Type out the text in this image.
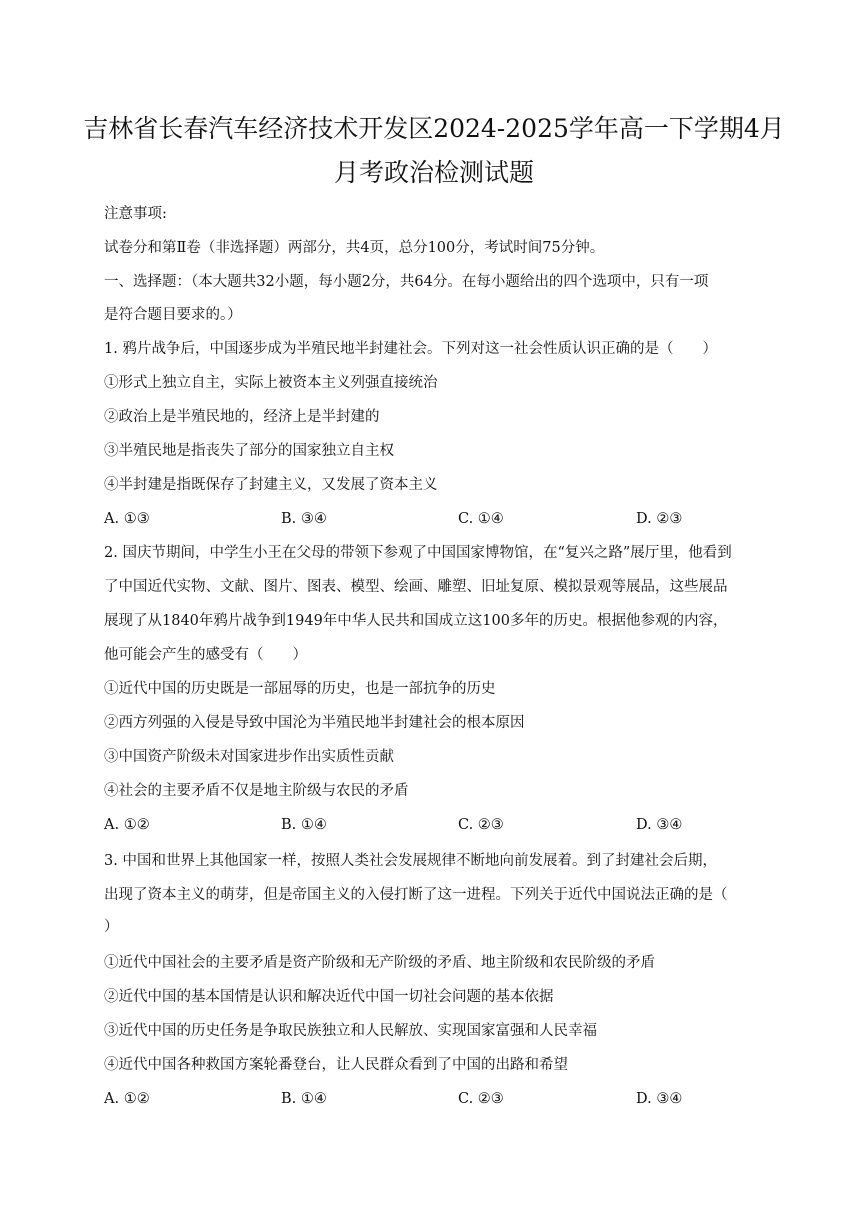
吉林省长春汽车经济技术开发区2024-2025学年高一下学期4月
月考政治检测试题
注意事项:
试卷分和第Ⅱ卷（非选择题）两部分，共4页，总分100分，考试时间75分钟。
一、选择题：（本大题共32小题，每小题2分，共64分。在每小题给出的四个选项中，只有一项
是符合题目要求的。）
1. 鸦片战争后，中国逐步成为半殖民地半封建社会。下列对这一社会性质认识正确的是（　　）
①形式上独立自主，实际上被资本主义列强直接统治
②政治上是半殖民地的，经济上是半封建的
③半殖民地是指丧失了部分的国家独立自主权
④半封建是指既保存了封建主义，又发展了资本主义
A. ①③	B. ③④	C. ①④	D. ②③
2. 国庆节期间，中学生小王在父母的带领下参观了中国国家博物馆，在“复兴之路”展厅里，他看到
了中国近代实物、文献、图片、图表、模型、绘画、雕塑、旧址复原、模拟景观等展品，这些展品
展现了从1840年鸦片战争到1949年中华人民共和国成立这100多年的历史。根据他参观的内容，
他可能会产生的感受有（　　）
①近代中国的历史既是一部屈辱的历史，也是一部抗争的历史
②西方列强的入侵是导致中国沦为半殖民地半封建社会的根本原因
③中国资产阶级未对国家进步作出实质性贡献
④社会的主要矛盾不仅是地主阶级与农民的矛盾
A. ①②	B. ①④	C. ②③	D. ③④
3. 中国和世界上其他国家一样，按照人类社会发展规律不断地向前发展着。到了封建社会后期，
出现了资本主义的萌芽，但是帝国主义的入侵打断了这一进程。下列关于近代中国说法正确的是（
）
①近代中国社会的主要矛盾是资产阶级和无产阶级的矛盾、地主阶级和农民阶级的矛盾
②近代中国的基本国情是认识和解决近代中国一切社会问题的基本依据
③近代中国的历史任务是争取民族独立和人民解放、实现国家富强和人民幸福
④近代中国各种救国方案轮番登台，让人民群众看到了中国的出路和希望
A. ①②	B. ①④	C. ②③	D. ③④
